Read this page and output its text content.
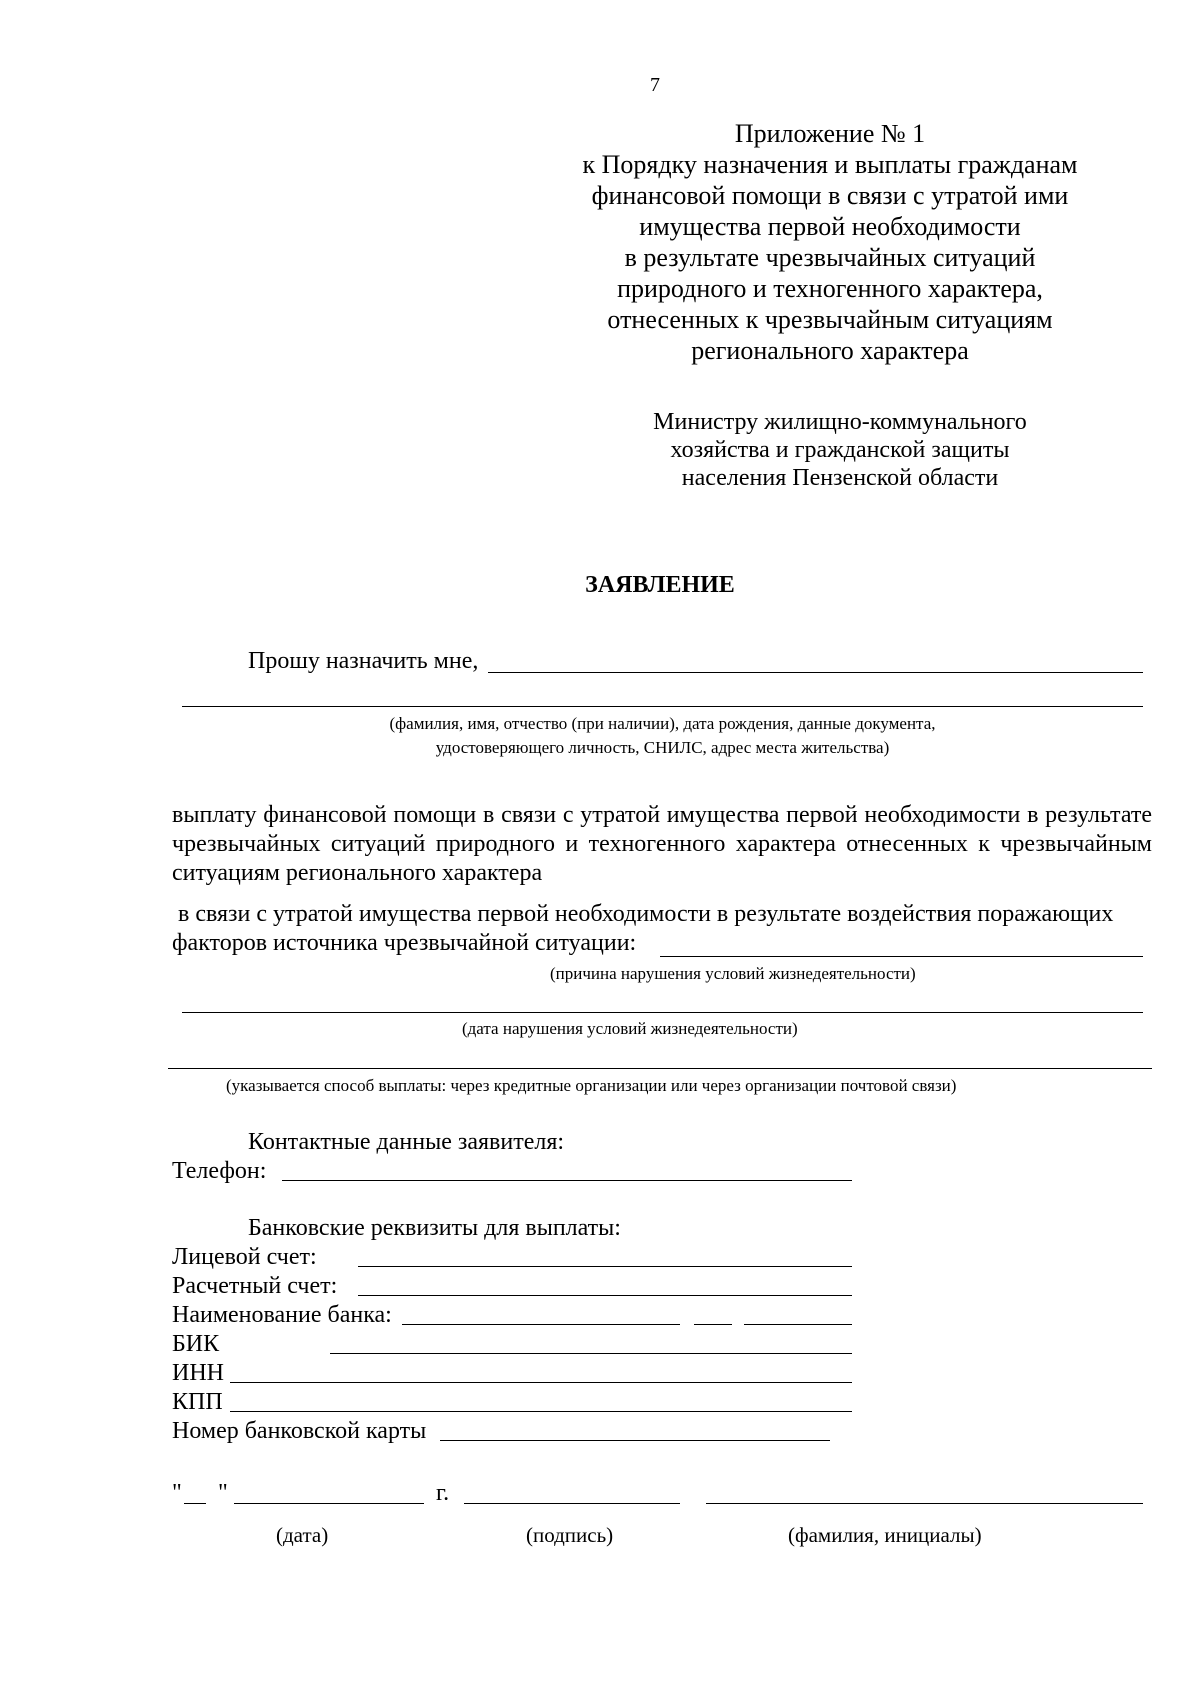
7
Приложение № 1
к Порядку назначения и выплаты гражданам
финансовой помощи в связи с утратой ими
имущества первой необходимости
в результате чрезвычайных ситуаций
природного и техногенного характера,
отнесенных к чрезвычайным ситуациям
регионального характера
Министру жилищно-коммунального
хозяйства и гражданской защиты
населения Пензенской области
ЗАЯВЛЕНИЕ
Прошу назначить мне,
(фамилия, имя, отчество (при наличии), дата рождения, данные документа,
удостоверяющего личность, СНИЛС, адрес места жительства)
выплату финансовой помощи в связи с утратой имущества первой необходимости в результате
чрезвычайных ситуаций природного и техногенного характера отнесенных к чрезвычайным
ситуациям регионального характера
в связи с утратой имущества первой необходимости в результате воздействия поражающих
факторов источника чрезвычайной ситуации:
(причина нарушения условий жизнедеятельности)
(дата нарушения условий жизнедеятельности)
(указывается способ выплаты: через кредитные организации или через организации почтовой связи)
Контактные данные заявителя:
Телефон:
Банковские реквизиты для выплаты:
Лицевой счет:
Расчетный счет:
Наименование банка:
БИК
ИНН
КПП
Номер банковской карты
" "	г.
(дата)	(подпись)	(фамилия, инициалы)
